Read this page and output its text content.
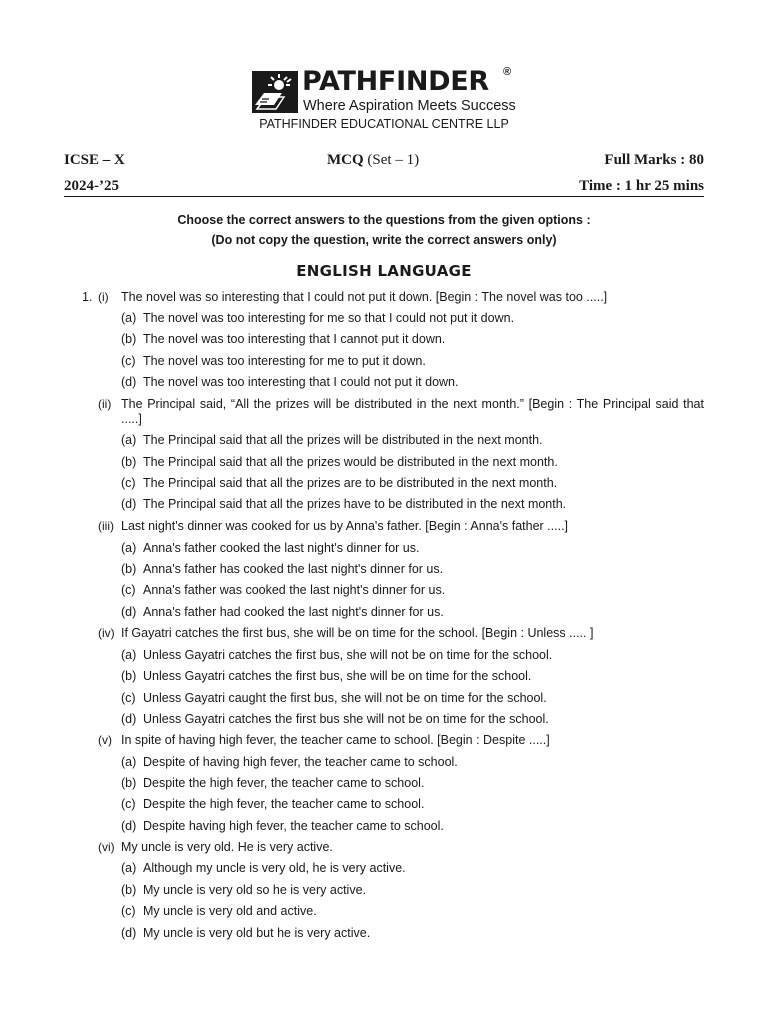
PATHFINDER ®
Where Aspiration Meets Success
PATHFINDER EDUCATIONAL CENTRE LLP
ICSE – X	MCQ (Set – 1)	Full Marks : 80
2024-’25	Time : 1 hr 25 mins
Choose the correct answers to the questions from the given options :
(Do not copy the question, write the correct answers only)
ENGLISH LANGUAGE
1. (i) The novel was so interesting that I could not put it down. [Begin : The novel was too .....]
(a) The novel was too interesting for me so that I could not put it down.
(b) The novel was too interesting that I cannot put it down.
(c) The novel was too interesting for me to put it down.
(d) The novel was too interesting that I could not put it down.
(ii) The Principal said, “All the prizes will be distributed in the next month.” [Begin : The Principal said that .....]
(a) The Principal said that all the prizes will be distributed in the next month.
(b) The Principal said that all the prizes would be distributed in the next month.
(c) The Principal said that all the prizes are to be distributed in the next month.
(d) The Principal said that all the prizes have to be distributed in the next month.
(iii) Last night's dinner was cooked for us by Anna's father. [Begin : Anna's father .....]
(a) Anna's father cooked the last night's dinner for us.
(b) Anna's father has cooked the last night's dinner for us.
(c) Anna's father was cooked the last night's dinner for us.
(d) Anna's father had cooked the last night's dinner for us.
(iv) If Gayatri catches the first bus, she will be on time for the school. [Begin : Unless ..... ]
(a) Unless Gayatri catches the first bus, she will not be on time for the school.
(b) Unless Gayatri catches the first bus, she will be on time for the school.
(c) Unless Gayatri caught the first bus, she will not be on time for the school.
(d) Unless Gayatri catches the first bus she will not be on time for the school.
(v) In spite of having high fever, the teacher came to school. [Begin : Despite .....]
(a) Despite of having high fever, the teacher came to school.
(b) Despite the high fever, the teacher came to school.
(c) Despite the high fever, the teacher came to school.
(d) Despite having high fever, the teacher came to school.
(vi) My uncle is very old. He is very active.
(a) Although my uncle is very old, he is very active.
(b) My uncle is very old so he is very active.
(c) My uncle is very old and active.
(d) My uncle is very old but he is very active.
